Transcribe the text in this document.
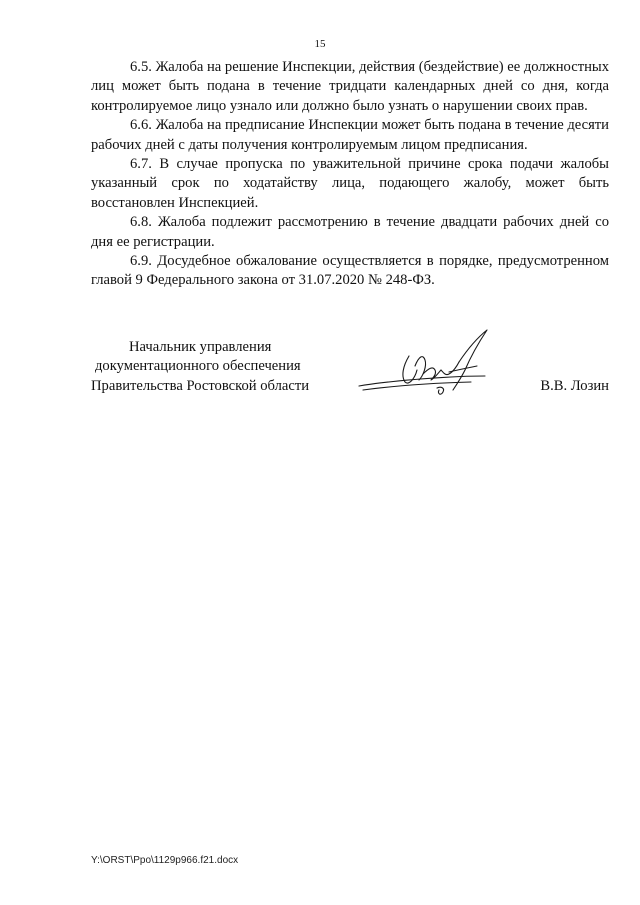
15

6.5. Жалоба на решение Инспекции, действия (бездействие) ее должностных лиц может быть подана в течение тридцати календарных дней со дня, когда контролируемое лицо узнало или должно было узнать о нарушении своих прав.

6.6. Жалоба на предписание Инспекции может быть подана в течение десяти рабочих дней с даты получения контролируемым лицом предписания.

6.7. В случае пропуска по уважительной причине срока подачи жалобы указанный срок по ходатайству лица, подающего жалобу, может быть восстановлен Инспекцией.

6.8. Жалоба подлежит рассмотрению в течение двадцати рабочих дней со дня ее регистрации.

6.9. Досудебное обжалование осуществляется в порядке, предусмотренном главой 9 Федерального закона от 31.07.2020 № 248-ФЗ.

Начальник управления
документационного обеспечения
Правительства Ростовской области	В.В. Лозин
Y:\ORST\Ppo\1129p966.f21.docx
